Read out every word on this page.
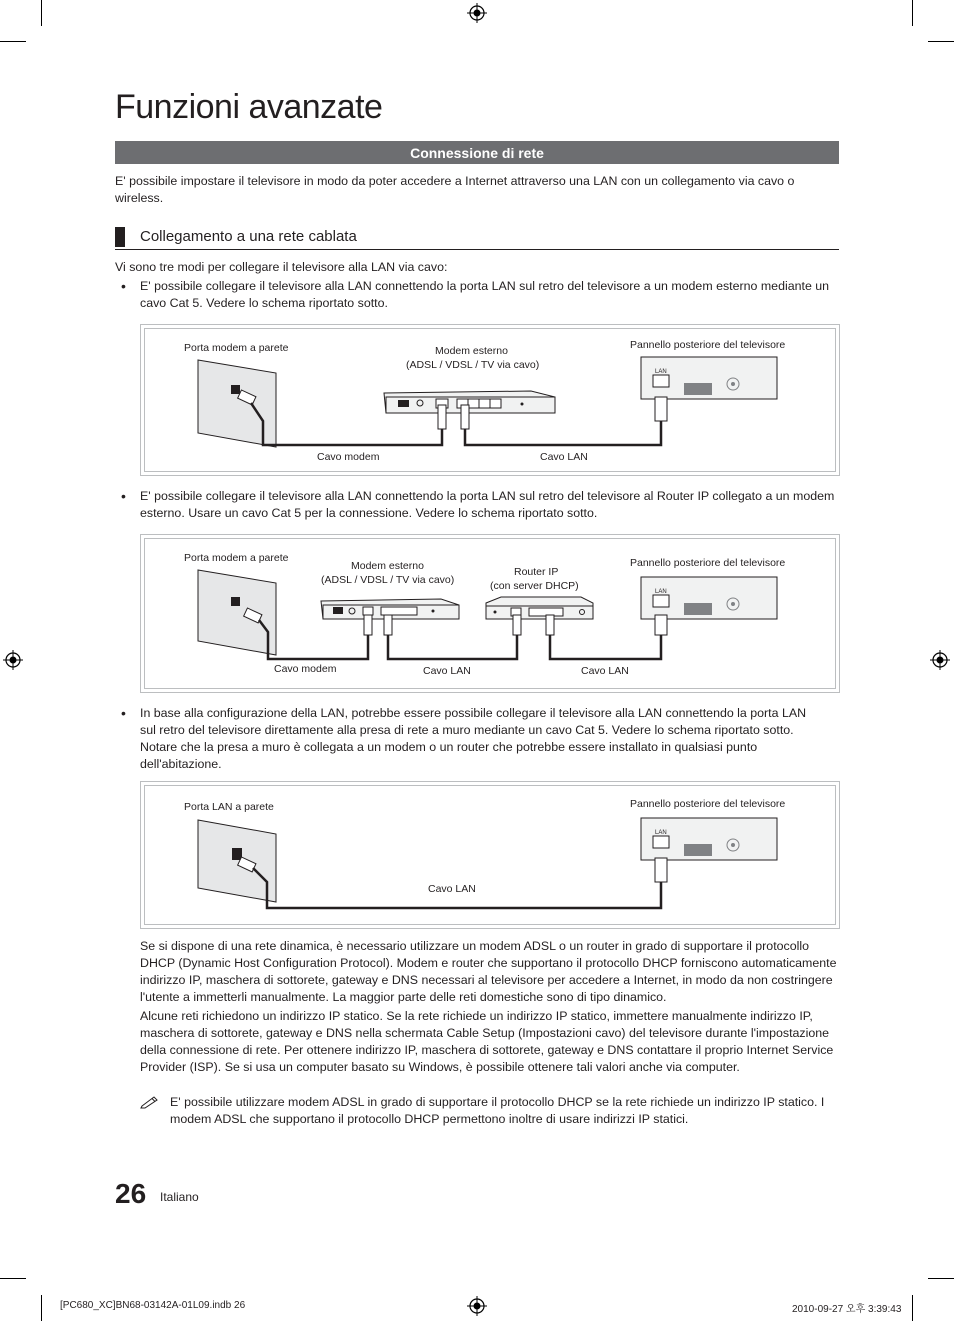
Funzioni avanzate
Connessione di rete
E' possibile impostare il televisore in modo da poter accedere a Internet attraverso una LAN con un collegamento via cavo o wireless.
Collegamento a una rete cablata
Vi sono tre modi per collegare il televisore alla LAN via cavo:
• E' possibile collegare il televisore alla LAN connettendo la porta LAN sul retro del televisore a un modem esterno mediante un cavo Cat 5. Vedere lo schema riportato sotto.
Porta modem a parete	Modem esterno
(ADSL / VDSL / TV via cavo)
Pannello posteriore del televisore
LAN
Cavo modem	Cavo LAN
• E' possibile collegare il televisore alla LAN connettendo la porta LAN sul retro del televisore al Router IP collegato a un modem esterno. Usare un cavo Cat 5 per la connessione. Vedere lo schema riportato sotto.
Porta modem a parete
Modem esterno
(ADSL / VDSL / TV via cavo)
Router IP
(con server DHCP)
Pannello posteriore del televisore
LAN
Cavo modem	Cavo LAN	Cavo LAN
• In base alla configurazione della LAN, potrebbe essere possibile collegare il televisore alla LAN connettendo la porta LAN sul retro del televisore direttamente alla presa di rete a muro mediante un cavo Cat 5. Vedere lo schema riportato sotto. Notare che la presa a muro è collegata a un modem o un router che potrebbe essere installato in qualsiasi punto dell'abitazione.
Porta LAN a parete	Pannello posteriore del televisore
LAN
Cavo LAN
Se si dispone di una rete dinamica, è necessario utilizzare un modem ADSL o un router in grado di supportare il protocollo DHCP (Dynamic Host Configuration Protocol). Modem e router che supportano il protocollo DHCP forniscono automaticamente indirizzo IP, maschera di sottorete, gateway e DNS necessari al televisore per accedere a Internet, in modo da non costringere l'utente a immetterli manualmente. La maggior parte delle reti domestiche sono di tipo dinamico.
Alcune reti richiedono un indirizzo IP statico. Se la rete richiede un indirizzo IP statico, immettere manualmente indirizzo IP, maschera di sottorete, gateway e DNS nella schermata Cable Setup (Impostazioni cavo) del televisore durante l'impostazione della connessione di rete. Per ottenere indirizzo IP, maschera di sottorete, gateway e DNS contattare il proprio Internet Service Provider (ISP). Se si usa un computer basato su Windows, è possibile ottenere tali valori anche via computer.
E' possibile utilizzare modem ADSL in grado di supportare il protocollo DHCP se la rete richiede un indirizzo IP statico. I modem ADSL che supportano il protocollo DHCP permettono inoltre di usare indirizzi IP statici.
26 Italiano
[PC680_XC]BN68-03142A-01L09.indb 26	2010-09-27 오후 3:39:43
